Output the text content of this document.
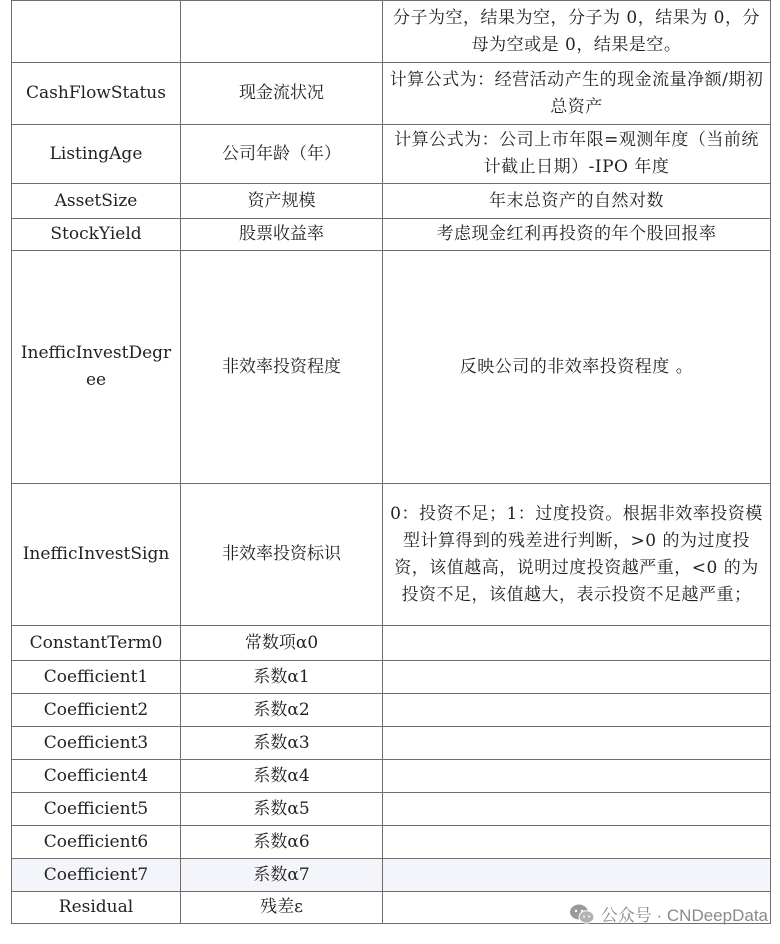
		分子为空，结果为空，分子为 0，结果为 0，分母为空或是 0，结果是空。
CashFlowStatus	现金流状况	计算公式为：经营活动产生的现金流量净额/期初总资产
ListingAge	公司年龄（年）	计算公式为：公司上市年限=观测年度（当前统计截止日期）-IPO 年度
AssetSize	资产规模	年末总资产的自然对数
StockYield	股票收益率	考虑现金红利再投资的年个股回报率
InefficInvestDegree	非效率投资程度	反映公司的非效率投资程度 。
InefficInvestSign	非效率投资标识	0：投资不足；1：过度投资。根据非效率投资模型计算得到的残差进行判断，>0 的为过度投资，该值越高，说明过度投资越严重，<0 的为投资不足，该值越大，表示投资不足越严重；
ConstantTerm0	常数项α0	
Coefficient1	系数α1	
Coefficient2	系数α2	
Coefficient3	系数α3	
Coefficient4	系数α4	
Coefficient5	系数α5	
Coefficient6	系数α6	
Coefficient7	系数α7	
Residual	残差ε		公众号 · CNDeepData
